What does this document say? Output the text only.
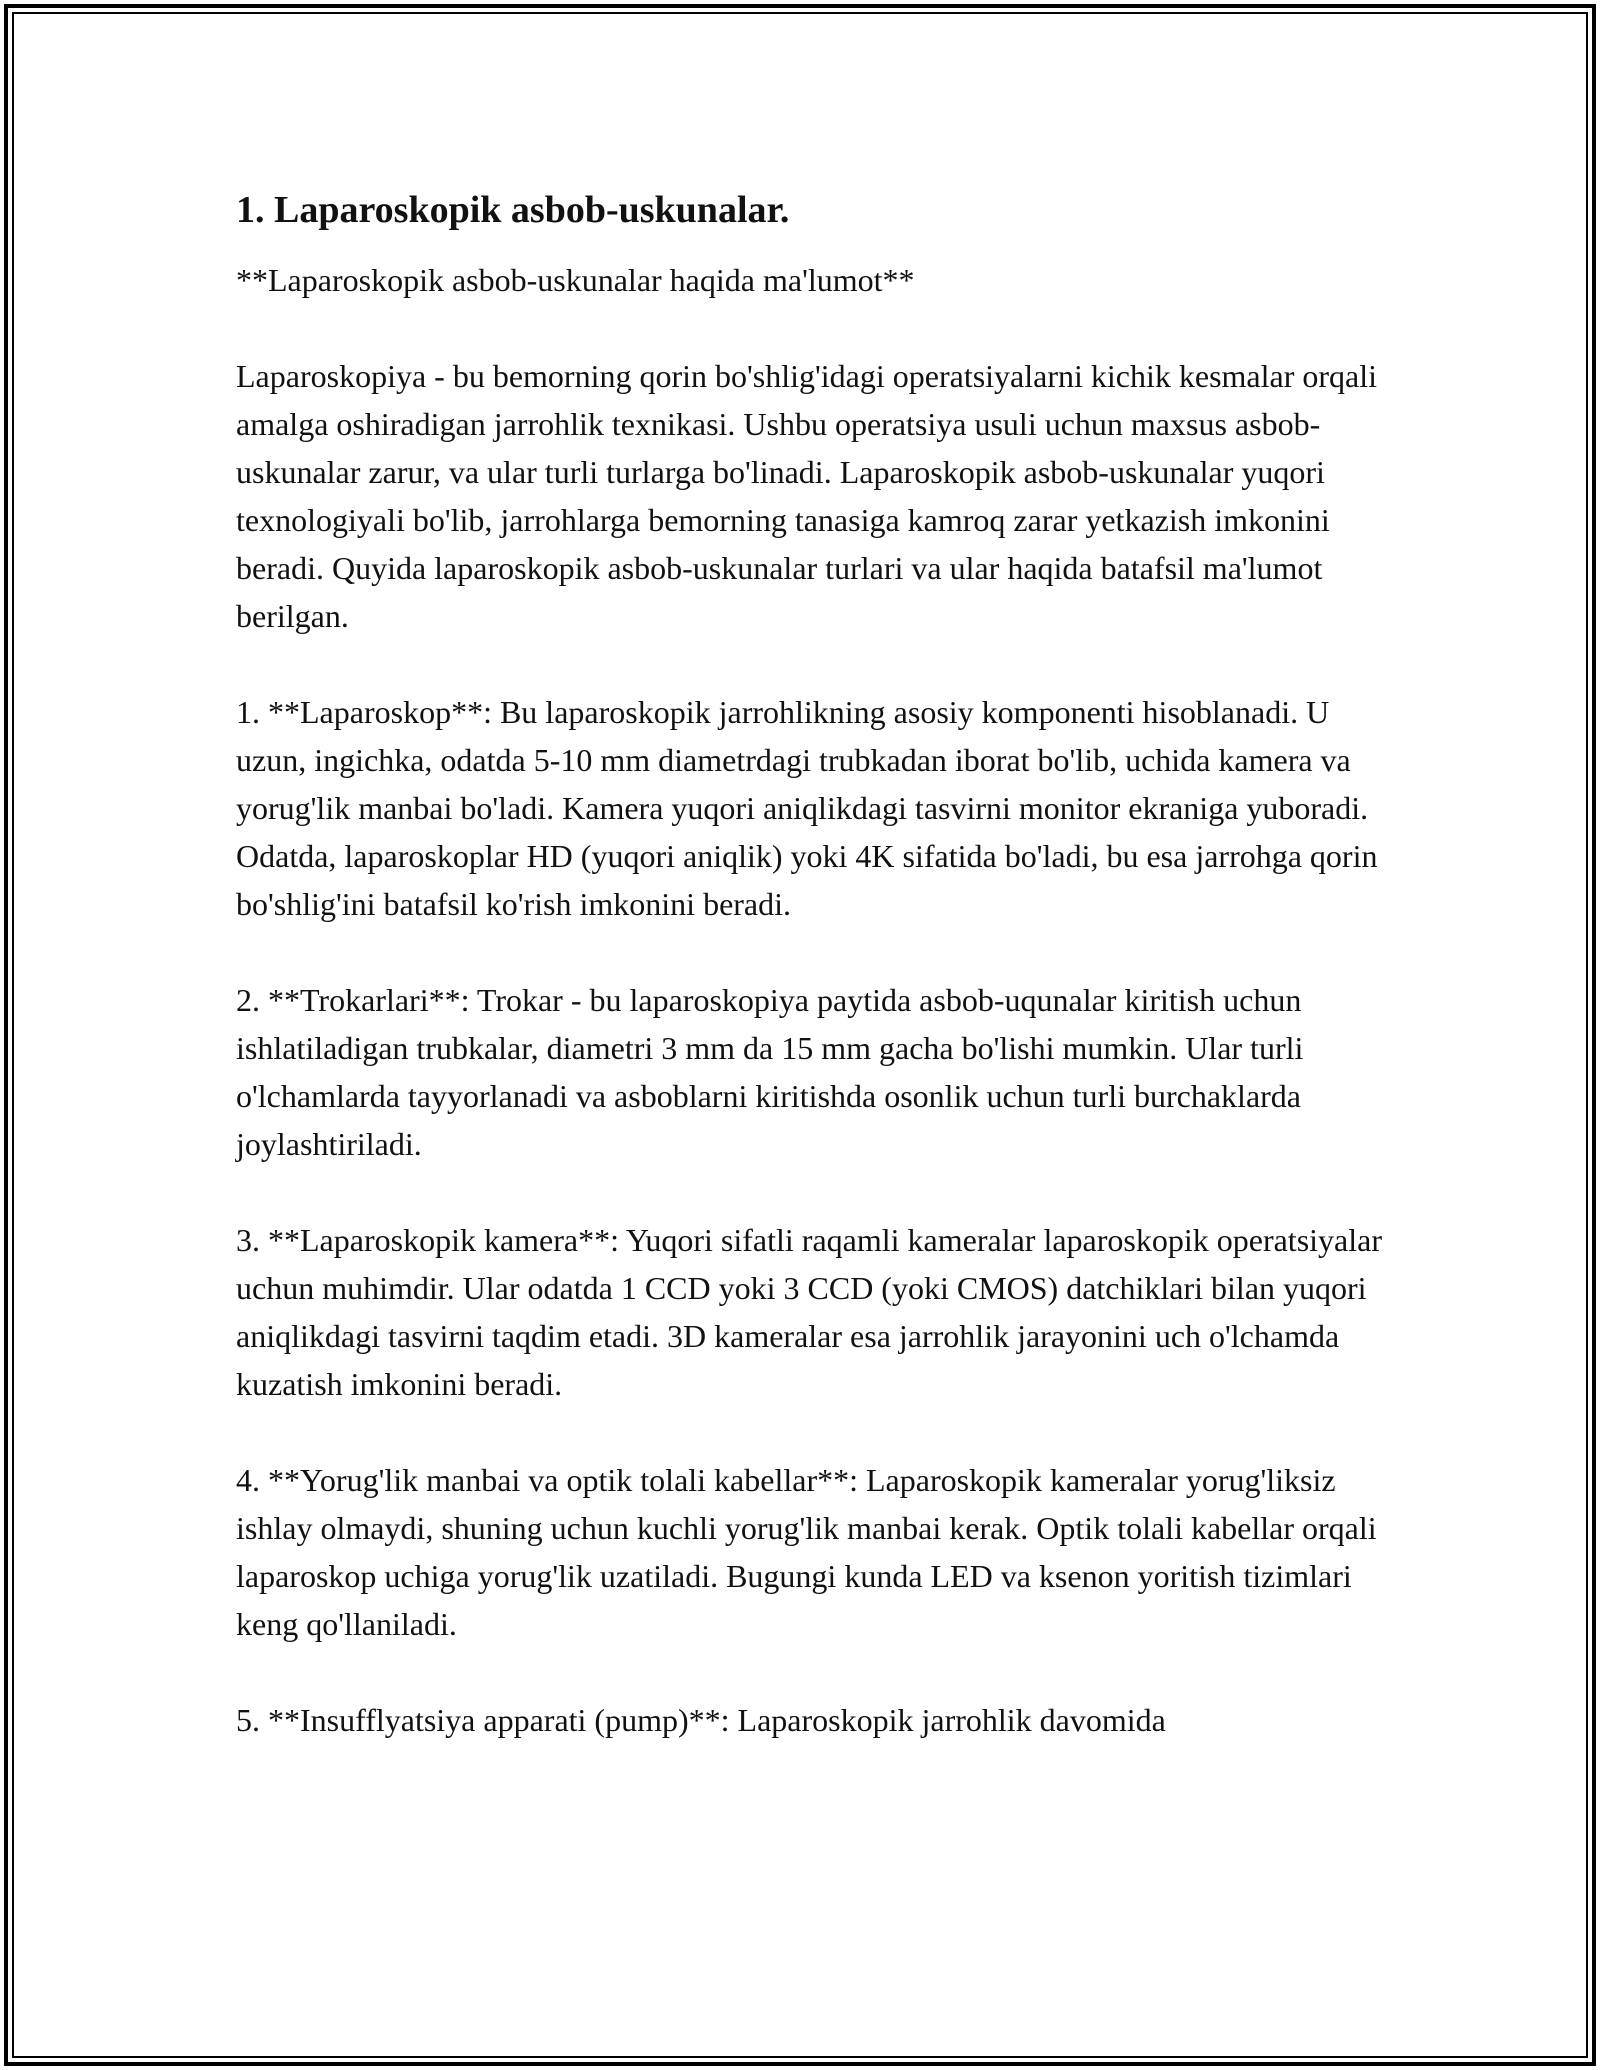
1. Laparoskopik asbob-uskunalar.

**Laparoskopik asbob-uskunalar haqida ma'lumot**

Laparoskopiya - bu bemorning qorin bo'shlig'idagi operatsiyalarni kichik kesmalar orqali amalga oshiradigan jarrohlik texnikasi. Ushbu operatsiya usuli uchun maxsus asbob-uskunalar zarur, va ular turli turlarga bo'linadi. Laparoskopik asbob-uskunalar yuqori texnologiyali bo'lib, jarrohlarga bemorning tanasiga kamroq zarar yetkazish imkonini beradi. Quyida laparoskopik asbob-uskunalar turlari va ular haqida batafsil ma'lumot berilgan.

1. **Laparoskop**: Bu laparoskopik jarrohlikning asosiy komponenti hisoblanadi. U uzun, ingichka, odatda 5-10 mm diametrdagi trubkadan iborat bo'lib, uchida kamera va yorug'lik manbai bo'ladi. Kamera yuqori aniqlikdagi tasvirni monitor ekraniga yuboradi. Odatda, laparoskoplar HD (yuqori aniqlik) yoki 4K sifatida bo'ladi, bu esa jarrohga qorin bo'shlig'ini batafsil ko'rish imkonini beradi.

2. **Trokarlari**: Trokar - bu laparoskopiya paytida asbob-uqunalar kiritish uchun ishlatiladigan trubkalar, diametri 3 mm da 15 mm gacha bo'lishi mumkin. Ular turli o'lchamlarda tayyorlanadi va asboblarni kiritishda osonlik uchun turli burchaklarda joylashtiriladi.

3. **Laparoskopik kamera**: Yuqori sifatli raqamli kameralar laparoskopik operatsiyalar uchun muhimdir. Ular odatda 1 CCD yoki 3 CCD (yoki CMOS) datchiklari bilan yuqori aniqlikdagi tasvirni taqdim etadi. 3D kameralar esa jarrohlik jarayonini uch o'lchamda kuzatish imkonini beradi.

4. **Yorug'lik manbai va optik tolali kabellar**: Laparoskopik kameralar yorug'liksiz ishlay olmaydi, shuning uchun kuchli yorug'lik manbai kerak. Optik tolali kabellar orqali laparoskop uchiga yorug'lik uzatiladi. Bugungi kunda LED va ksenon yoritish tizimlari keng qo'llaniladi.

5. **Insufflyatsiya apparati (pump)**: Laparoskopik jarrohlik davomida
